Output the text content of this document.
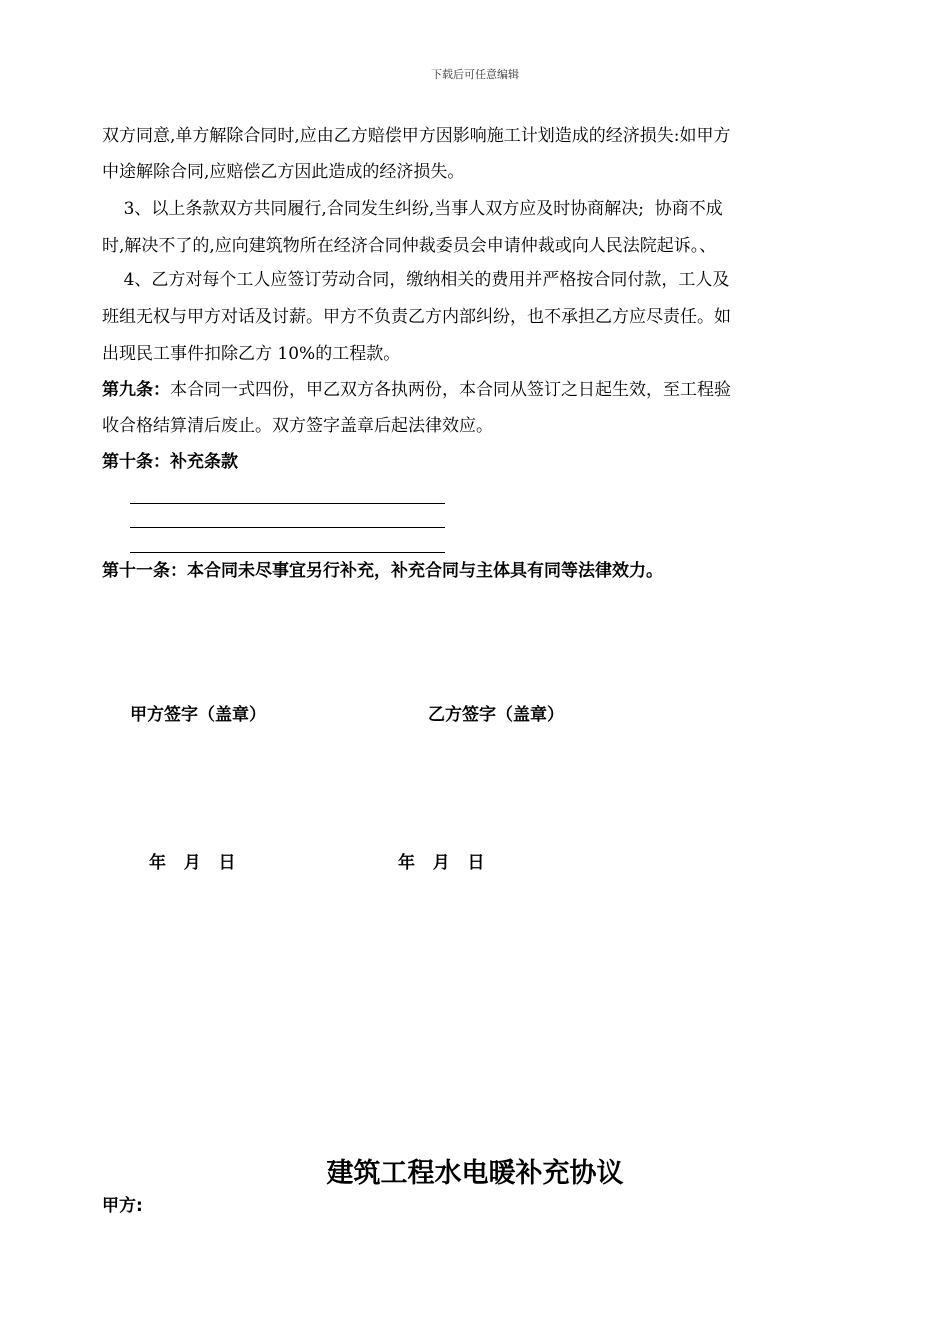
下载后可任意编辑
双方同意,单方解除合同时,应由乙方赔偿甲方因影响施工计划造成的经济损失:如甲方
中途解除合同,应赔偿乙方因此造成的经济损失。
3、以上条款双方共同履行,合同发生纠纷,当事人双方应及时协商解决;  协商不成
时,解决不了的,应向建筑物所在经济合同仲裁委员会申请仲裁或向人民法院起诉。、
4、乙方对每个工人应签订劳动合同，缴纳相关的费用并严格按合同付款，工人及
班组无权与甲方对话及讨薪。甲方不负责乙方内部纠纷，也不承担乙方应尽责任。如
出现民工事件扣除乙方 10%的工程款。
第九条：本合同一式四份，甲乙双方各执两份，本合同从签订之日起生效，至工程验
收合格结算清后废止。双方签字盖章后起法律效应。
第十条：补充条款
第十一条：本合同未尽事宜另行补充，补充合同与主体具有同等法律效力。
甲方签字（盖章）	乙方签字（盖章）
年   月   日	年   月   日
建筑工程水电暖补充协议
甲方:
